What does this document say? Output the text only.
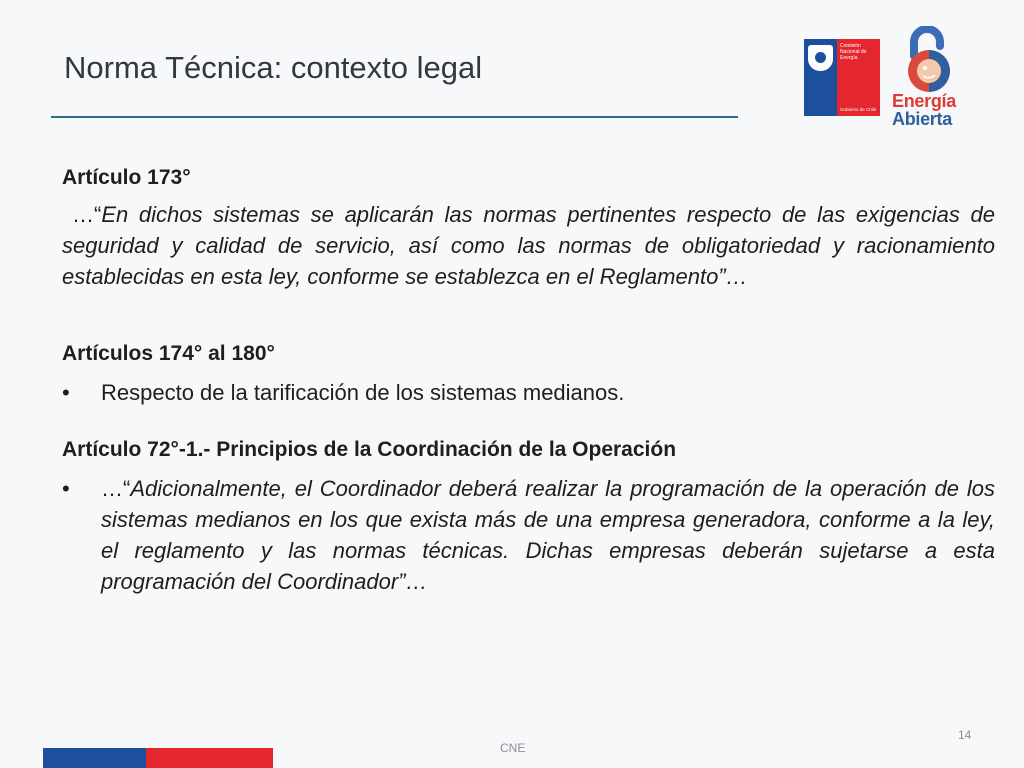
Norma Técnica: contexto legal
Comisión
Nacional de
Energía
Gobierno de Chile Energía
Abierta

Artículo 173°

…“En dichos sistemas se aplicarán las normas pertinentes respecto de las exigencias de seguridad y calidad de servicio, así como las normas de obligatoriedad y racionamiento establecidas en esta ley, conforme se establezca en el Reglamento”…

Artículos 174° al 180°

• Respecto de la tarificación de los sistemas medianos.

Artículo 72°-1.- Principios de la Coordinación de la Operación

• …“Adicionalmente, el Coordinador deberá realizar la programación de la operación de los sistemas medianos en los que exista más de una empresa generadora, conforme a la ley, el reglamento y las normas técnicas. Dichas empresas deberán sujetarse a esta programación del Coordinador”…

14
CNE
